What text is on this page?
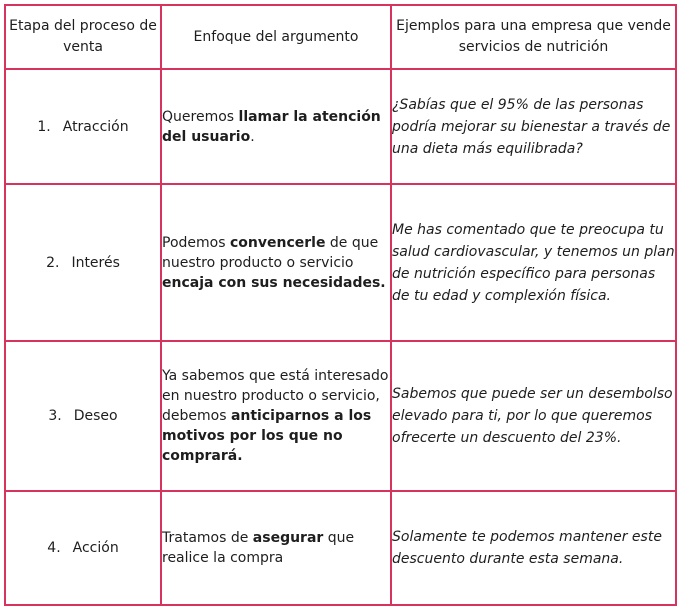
Etapa del proceso de venta	Enfoque del argumento	Ejemplos para una empresa que vende servicios de nutrición
1. Atracción	Queremos llamar la atención del usuario.	¿Sabías que el 95% de las personas podría mejorar su bienestar a través de una dieta más equilibrada?
2. Interés	Podemos convencerle de que nuestro producto o servicio encaja con sus necesidades.	Me has comentado que te preocupa tu salud cardiovascular, y tenemos un plan de nutrición específico para personas de tu edad y complexión física.
3. Deseo	Ya sabemos que está interesado en nuestro producto o servicio, debemos anticiparnos a los motivos por los que no comprará.	Sabemos que puede ser un desembolso elevado para ti, por lo que queremos ofrecerte un descuento del 23%.
4. Acción	Tratamos de asegurar que realice la compra	Solamente te podemos mantener este descuento durante esta semana.
